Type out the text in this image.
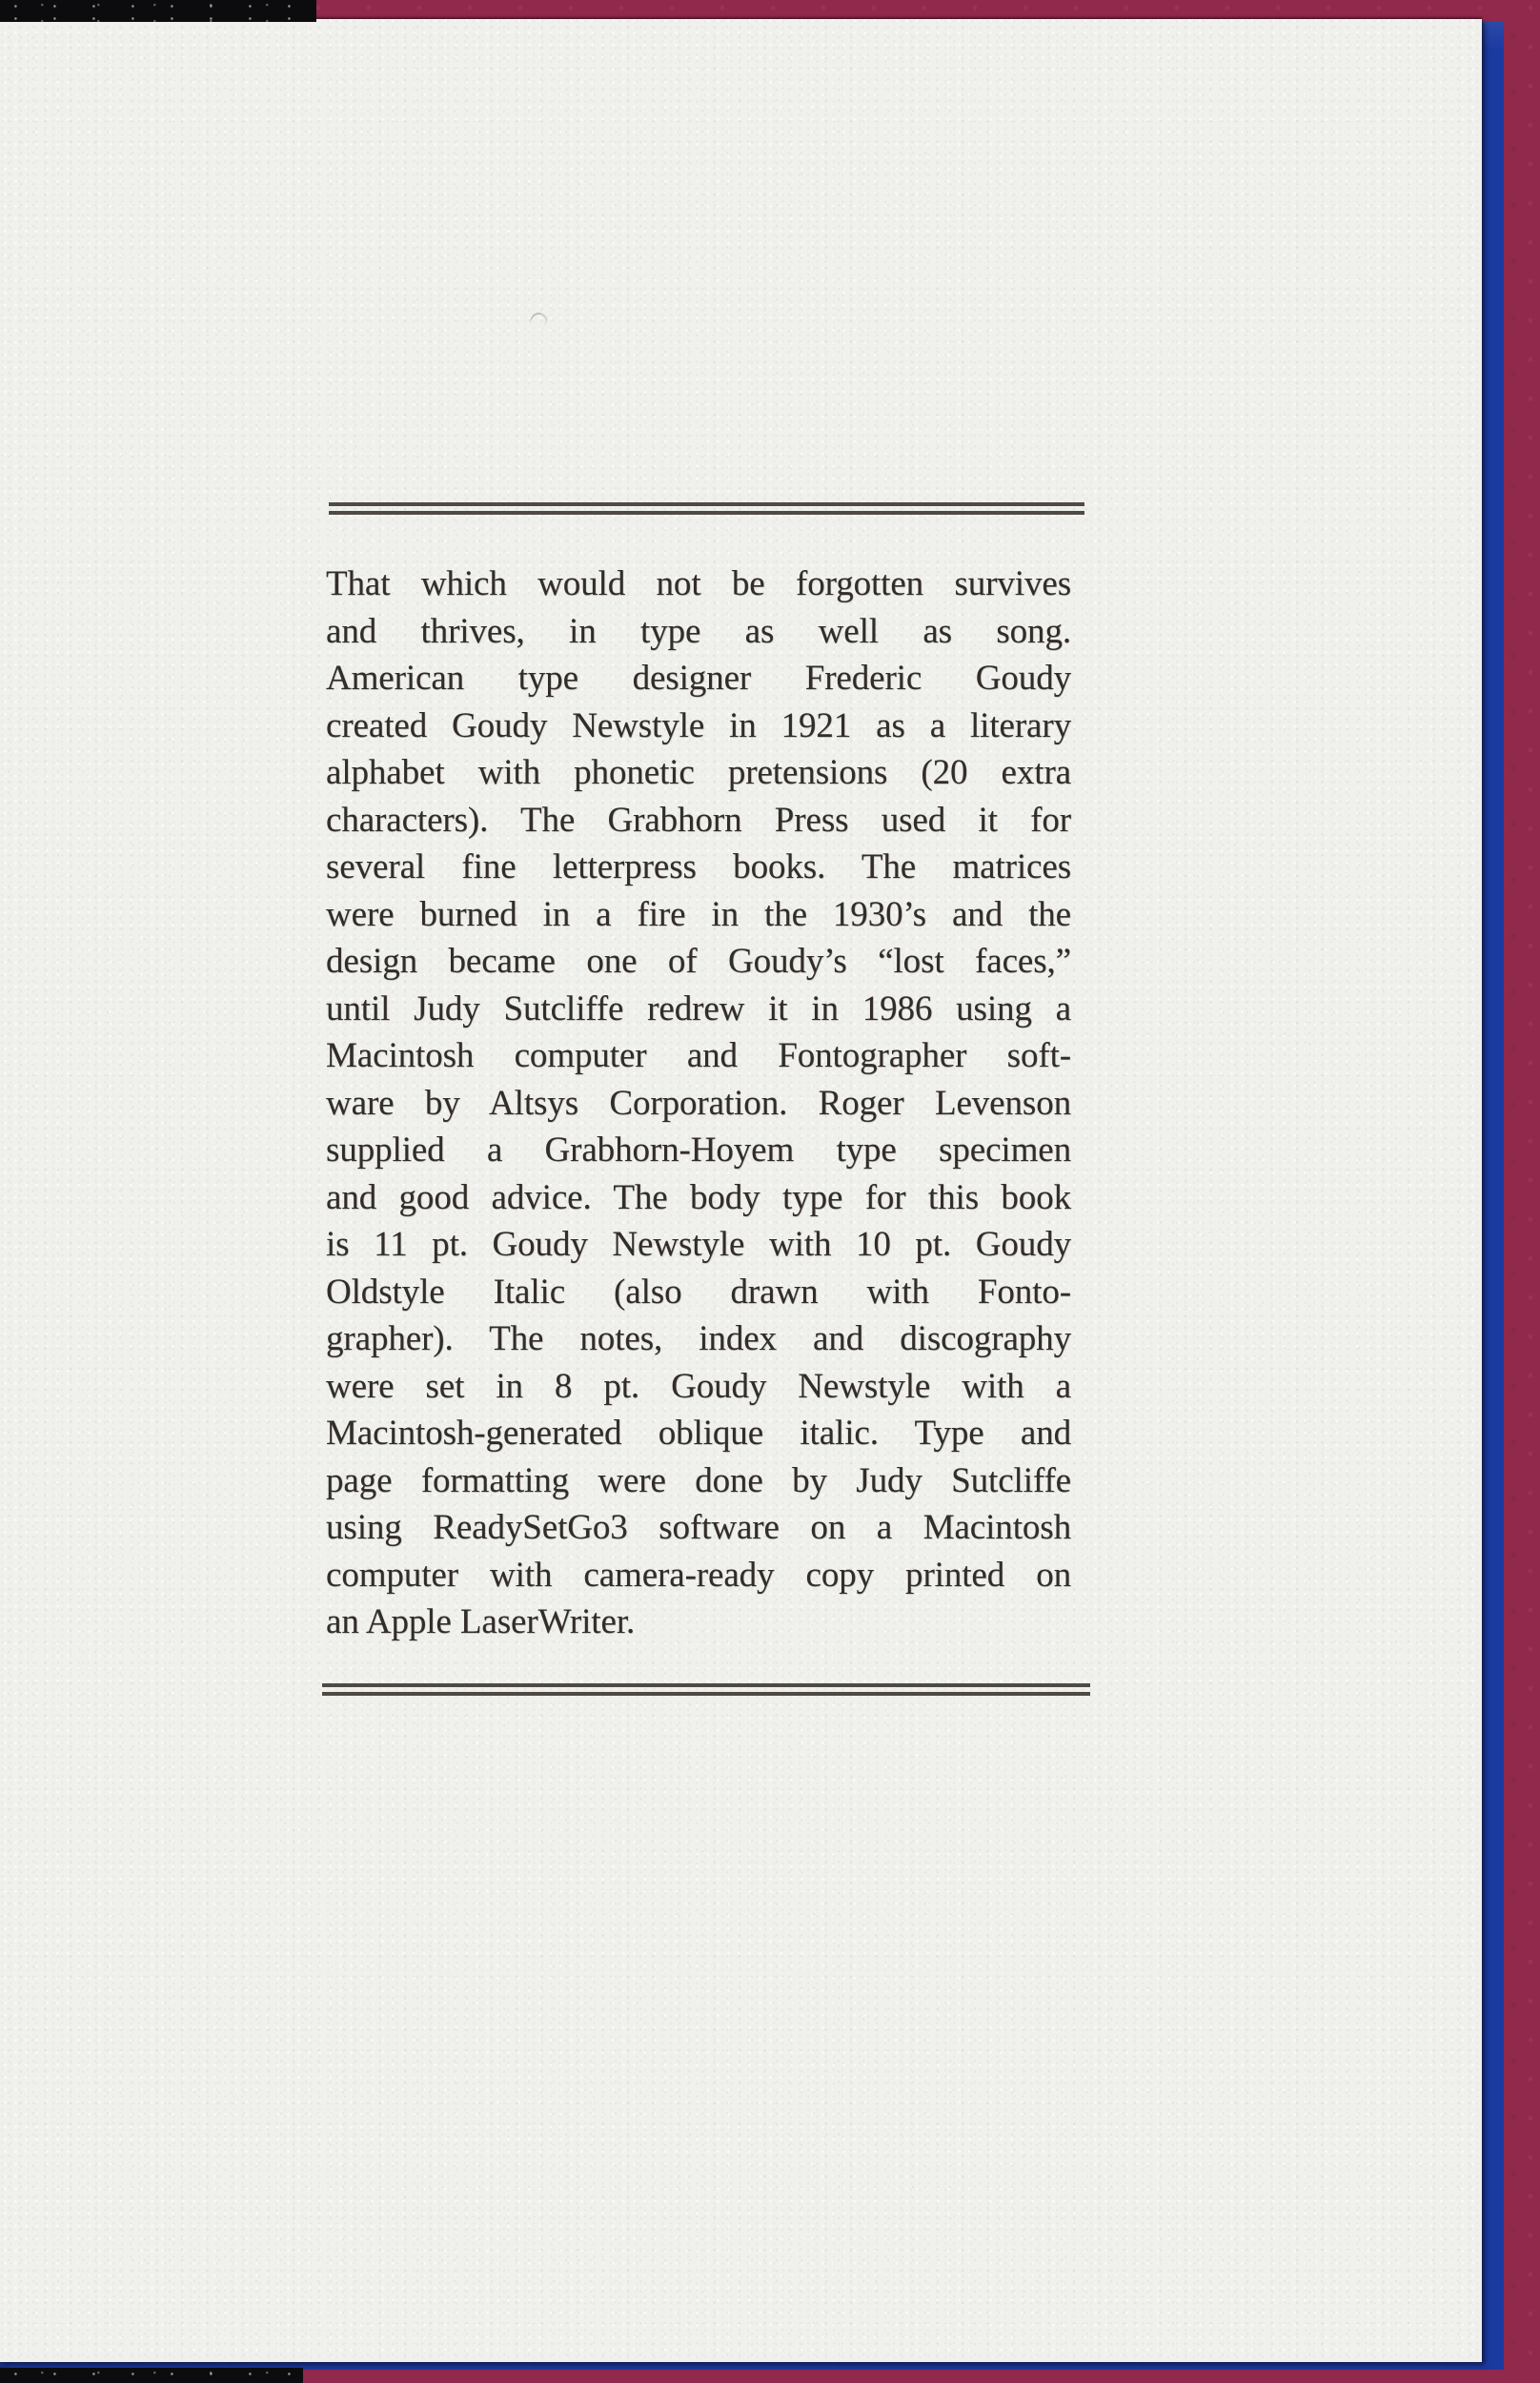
That which would not be forgotten survives
and thrives, in type as well as song.
American type designer Frederic Goudy
created Goudy Newstyle in 1921 as a literary
alphabet with phonetic pretensions (20 extra
characters). The Grabhorn Press used it for
several fine letterpress books. The matrices
were burned in a fire in the 1930’s and the
design became one of Goudy’s “lost faces,”
until Judy Sutcliffe redrew it in 1986 using a
Macintosh computer and Fontographer soft-
ware by Altsys Corporation. Roger Levenson
supplied a Grabhorn-Hoyem type specimen
and good advice. The body type for this book
is 11 pt. Goudy Newstyle with 10 pt. Goudy
Oldstyle Italic (also drawn with Fonto-
grapher). The notes, index and discography
were set in 8 pt. Goudy Newstyle with a
Macintosh-generated oblique italic. Type and
page formatting were done by Judy Sutcliffe
using ReadySetGo3 software on a Macintosh
computer with camera-ready copy printed on
an Apple LaserWriter.
